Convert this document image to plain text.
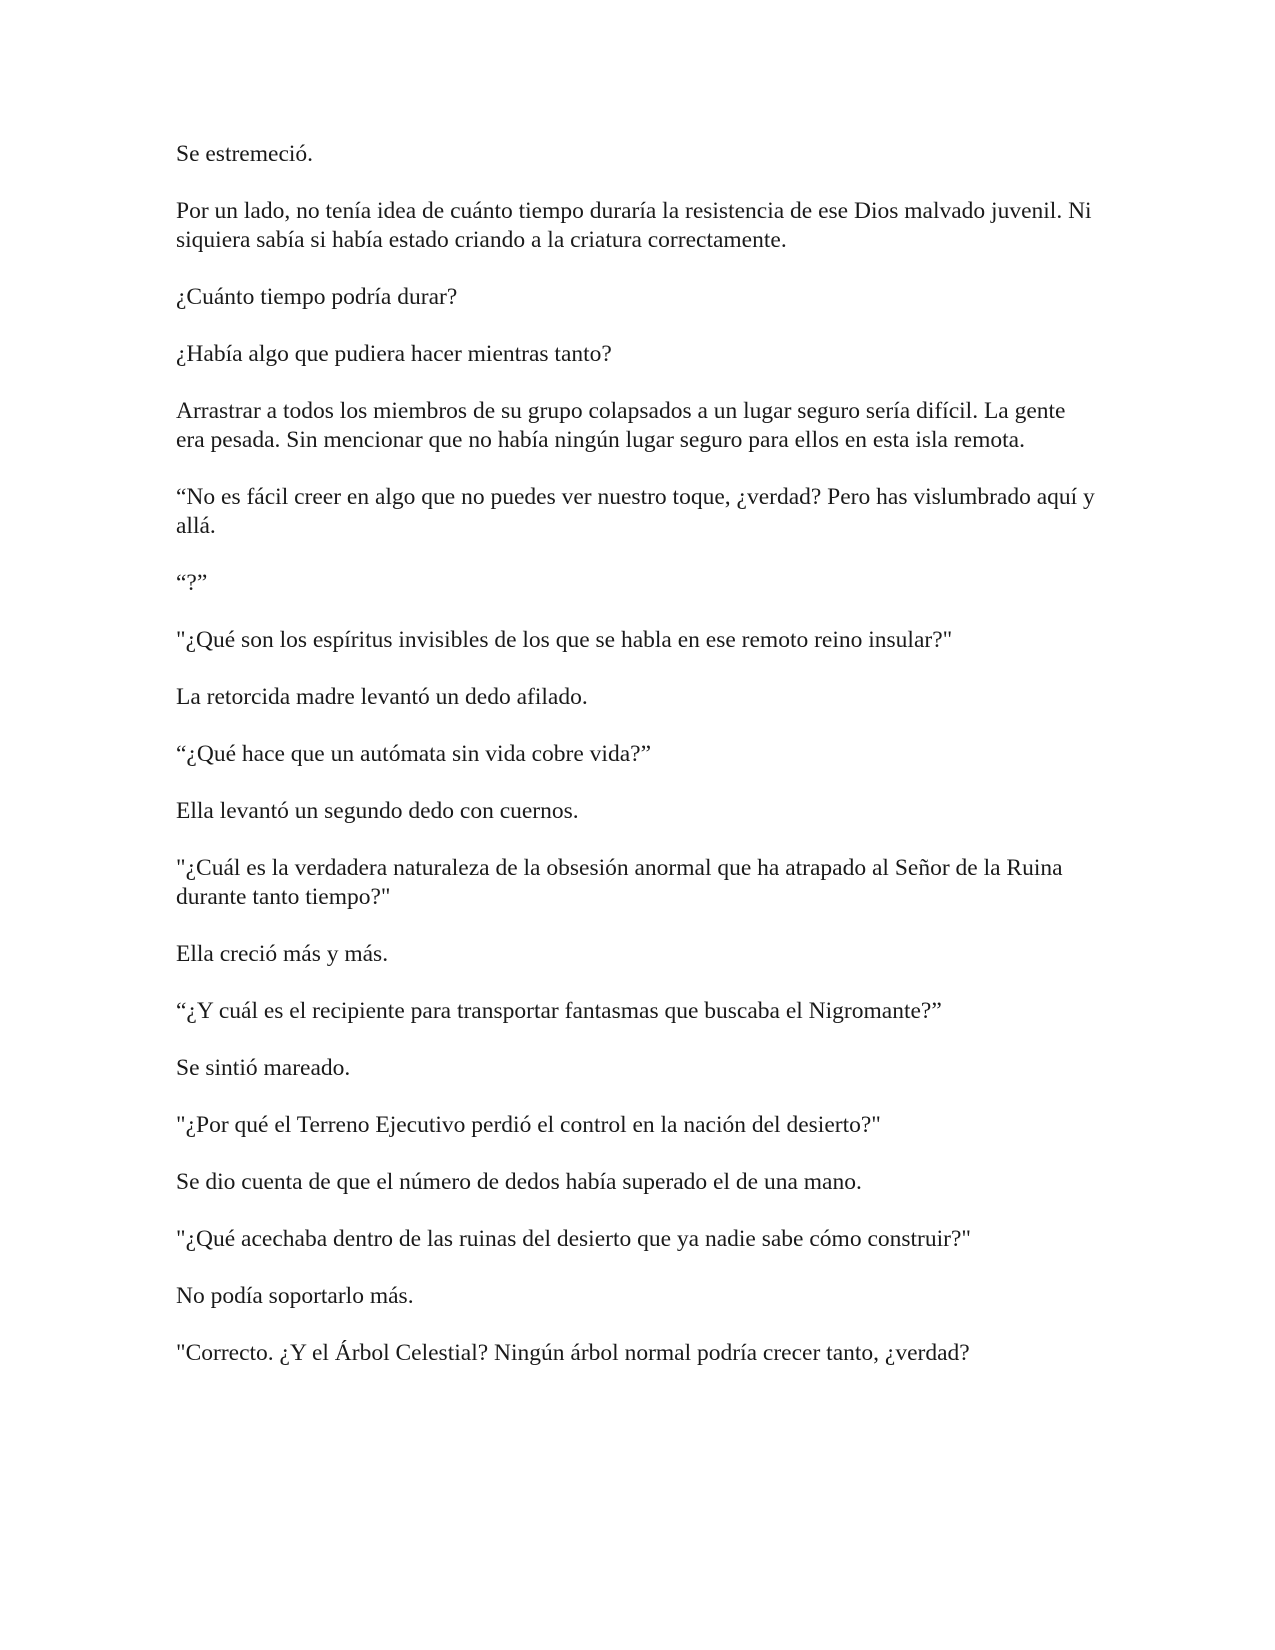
Se estremeció.

Por un lado, no tenía idea de cuánto tiempo duraría la resistencia de ese Dios malvado juvenil. Ni siquiera sabía si había estado criando a la criatura correctamente.

¿Cuánto tiempo podría durar?

¿Había algo que pudiera hacer mientras tanto?

Arrastrar a todos los miembros de su grupo colapsados a un lugar seguro sería difícil. La gente era pesada. Sin mencionar que no había ningún lugar seguro para ellos en esta isla remota.

“No es fácil creer en algo que no puedes ver nuestro toque, ¿verdad? Pero has vislumbrado aquí y allá.

“?”

"¿Qué son los espíritus invisibles de los que se habla en ese remoto reino insular?"

La retorcida madre levantó un dedo afilado.

“¿Qué hace que un autómata sin vida cobre vida?”

Ella levantó un segundo dedo con cuernos.

"¿Cuál es la verdadera naturaleza de la obsesión anormal que ha atrapado al Señor de la Ruina durante tanto tiempo?"

Ella creció más y más.

“¿Y cuál es el recipiente para transportar fantasmas que buscaba el Nigromante?”

Se sintió mareado.

"¿Por qué el Terreno Ejecutivo perdió el control en la nación del desierto?"

Se dio cuenta de que el número de dedos había superado el de una mano.

"¿Qué acechaba dentro de las ruinas del desierto que ya nadie sabe cómo construir?"

No podía soportarlo más.

"Correcto. ¿Y el Árbol Celestial? Ningún árbol normal podría crecer tanto, ¿verdad?
